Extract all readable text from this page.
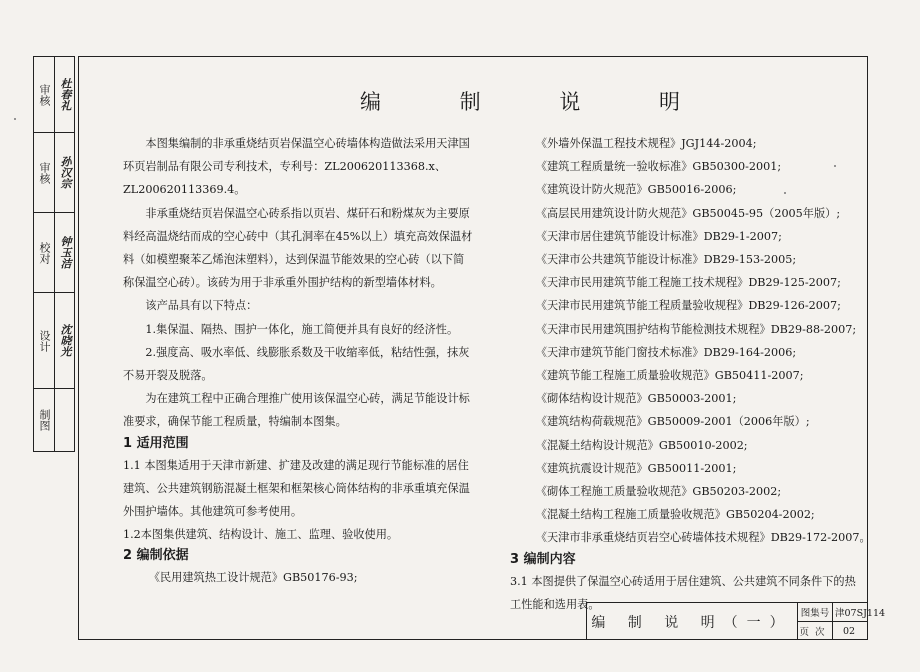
审核 杜春礼
审核 孙汉宗
校对 钟玉洁
设计 沈晓光
制图
编 制 说 明

本图集编制的非承重烧结页岩保温空心砖墙体构造做法采用天津国环页岩制品有限公司专利技术，专利号：ZL200620113368.x、ZL200620113369.4。

非承重烧结页岩保温空心砖系指以页岩、煤矸石和粉煤灰为主要原料经高温烧结而成的空心砖中（其孔洞率在45%以上）填充高效保温材料（如模塑聚苯乙烯泡沫塑料），达到保温节能效果的空心砖（以下简称保温空心砖）。该砖为用于非承重外围护结构的新型墙体材料。

该产品具有以下特点：

1.集保温、隔热、围护一体化，施工简便并具有良好的经济性。

2.强度高、吸水率低、线膨胀系数及干收缩率低，粘结性强，抹灰不易开裂及脱落。

为在建筑工程中正确合理推广使用该保温空心砖，满足节能设计标准要求，确保节能工程质量，特编制本图集。

1 适用范围

1.1 本图集适用于天津市新建、扩建及改建的满足现行节能标准的居住建筑、公共建筑钢筋混凝土框架和框架核心筒体结构的非承重填充保温外围护墙体。其他建筑可参考使用。

1.2本图集供建筑、结构设计、施工、监理、验收使用。

2 编制依据

《民用建筑热工设计规范》GB50176-93;

《外墙外保温工程技术规程》JGJ144-2004;

《建筑工程质量统一验收标准》GB50300-2001;

《建筑设计防火规范》GB50016-2006;

《高层民用建筑设计防火规范》GB50045-95（2005年版）;

《天津市居住建筑节能设计标准》DB29-1-2007;

《天津市公共建筑节能设计标准》DB29-153-2005;

《天津市民用建筑节能工程施工技术规程》DB29-125-2007;

《天津市民用建筑节能工程质量验收规程》DB29-126-2007;

《天津市民用建筑围护结构节能检测技术规程》DB29-88-2007;

《天津市建筑节能门窗技术标准》DB29-164-2006;

《建筑节能工程施工质量验收规范》GB50411-2007;

《砌体结构设计规范》GB50003-2001;

《建筑结构荷载规范》GB50009-2001（2006年版）;

《混凝土结构设计规范》GB50010-2002;

《建筑抗震设计规范》GB50011-2001;

《砌体工程施工质量验收规范》GB50203-2002;

《混凝土结构工程施工质量验收规范》GB50204-2002;

《天津市非承重烧结页岩空心砖墙体技术规程》DB29-172-2007。

3 编制内容

3.1 本图提供了保温空心砖适用于居住建筑、公共建筑不同条件下的热工性能和选用表。

编 制 说 明（一）
图集号 津07SJ114
页次	02
